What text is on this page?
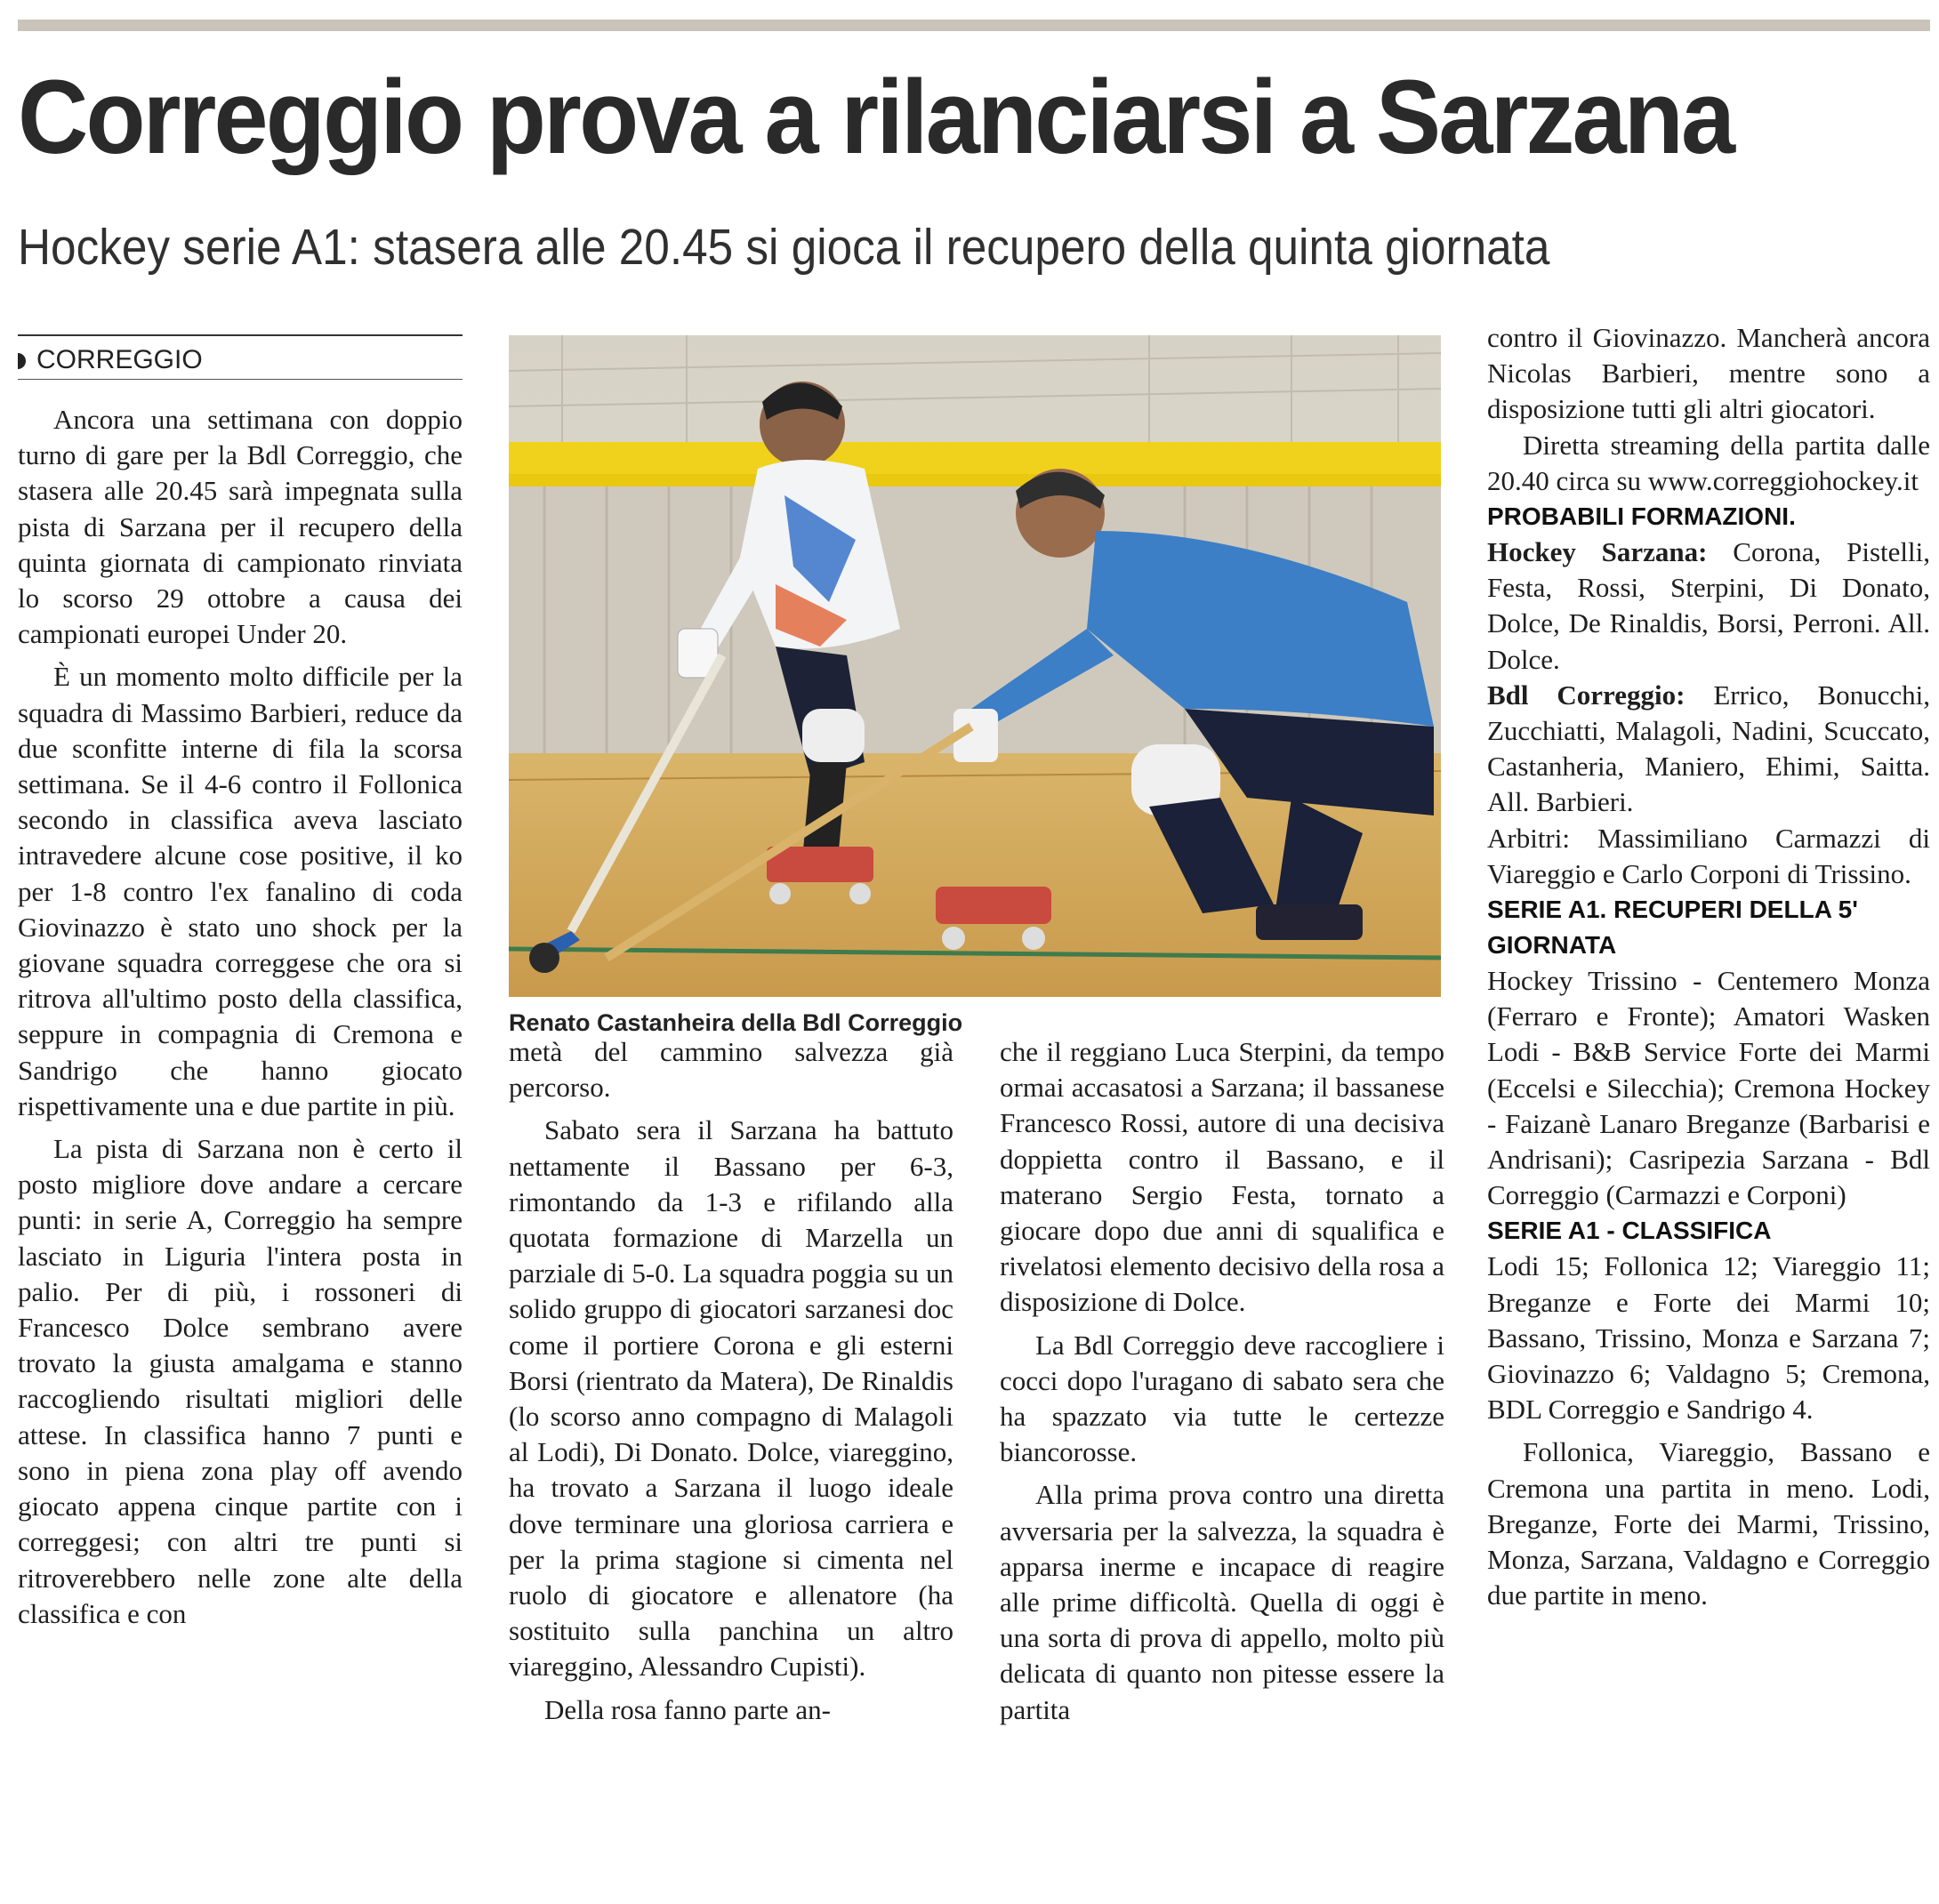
Correggio prova a rilanciarsi a Sarzana
Hockey serie A1: stasera alle 20.45 si gioca il recupero della quinta giornata
CORREGGIO

Ancora una settimana con doppio turno di gare per la Bdl Correggio, che stasera alle 20.45 sarà impegnata sulla pista di Sarzana per il recupero della quinta giornata di campionato rinviata lo scorso 29 ottobre a causa dei campionati europei Under 20.

È un momento molto difficile per la squadra di Massimo Barbieri, reduce da due sconfitte interne di fila la scorsa settimana. Se il 4-6 contro il Follonica secondo in classifica aveva lasciato intravedere alcune cose positive, il ko per 1-8 contro l'ex fanalino di coda Giovinazzo è stato uno shock per la giovane squadra correggese che ora si ritrova all'ultimo posto della classifica, seppure in compagnia di Cremona e Sandrigo che hanno giocato rispettivamente una e due partite in più.

La pista di Sarzana non è certo il posto migliore dove andare a cercare punti: in serie A, Correggio ha sempre lasciato in Liguria l'intera posta in palio. Per di più, i rossoneri di Francesco Dolce sembrano avere trovato la giusta amalgama e stanno raccogliendo risultati migliori delle attese. In classifica hanno 7 punti e sono in piena zona play off avendo giocato appena cinque partite con i correggesi; con altri tre punti si ritroverebbero nelle zone alte della classifica e con

Renato Castanheira della Bdl Correggio

metà del cammino salvezza già percorso.

Sabato sera il Sarzana ha battuto nettamente il Bassano per 6-3, rimontando da 1-3 e rifilando alla quotata formazione di Marzella un parziale di 5-0. La squadra poggia su un solido gruppo di giocatori sarzanesi doc come il portiere Corona e gli esterni Borsi (rientrato da Matera), De Rinaldis (lo scorso anno compagno di Malagoli al Lodi), Di Donato. Dolce, viareggino, ha trovato a Sarzana il luogo ideale dove terminare una gloriosa carriera e per la prima stagione si cimenta nel ruolo di giocatore e allenatore (ha sostituito sulla panchina un altro viareggino, Alessandro Cupisti).

Della rosa fanno parte an-

che il reggiano Luca Sterpini, da tempo ormai accasatosi a Sarzana; il bassanese Francesco Rossi, autore di una decisiva doppietta contro il Bassano, e il materano Sergio Festa, tornato a giocare dopo due anni di squalifica e rivelatosi elemento decisivo della rosa a disposizione di Dolce.

La Bdl Correggio deve raccogliere i cocci dopo l'uragano di sabato sera che ha spazzato via tutte le certezze biancorosse.

Alla prima prova contro una diretta avversaria per la salvezza, la squadra è apparsa inerme e incapace di reagire alle prime difficoltà. Quella di oggi è una sorta di prova di appello, molto più delicata di quanto non pitesse essere la partita

contro il Giovinazzo. Mancherà ancora Nicolas Barbieri, mentre sono a disposizione tutti gli altri giocatori.

Diretta streaming della partita dalle 20.40 circa su www.correggiohockey.it

PROBABILI FORMAZIONI.

Hockey Sarzana: Corona, Pistelli, Festa, Rossi, Sterpini, Di Donato, Dolce, De Rinaldis, Borsi, Perroni. All. Dolce.

Bdl Correggio: Errico, Bonucchi, Zucchiatti, Malagoli, Nadini, Scuccato, Castanheria, Maniero, Ehimi, Saitta. All. Barbieri.

Arbitri: Massimiliano Carmazzi di Viareggio e Carlo Corponi di Trissino.

SERIE A1. RECUPERI DELLA 5' GIORNATA

Hockey Trissino - Centemero Monza (Ferraro e Fronte); Amatori Wasken Lodi - B&B Service Forte dei Marmi (Eccelsi e Silecchia); Cremona Hockey - Faizanè Lanaro Breganze (Barbarisi e Andrisani); Casripezia Sarzana - Bdl Correggio (Carmazzi e Corponi)

SERIE A1 - CLASSIFICA

Lodi 15; Follonica 12; Viareggio 11; Breganze e Forte dei Marmi 10; Bassano, Trissino, Monza e Sarzana 7; Giovinazzo 6; Valdagno 5; Cremona, BDL Correggio e Sandrigo 4.

Follonica, Viareggio, Bassano e Cremona una partita in meno. Lodi, Breganze, Forte dei Marmi, Trissino, Monza, Sarzana, Valdagno e Correggio due partite in meno.
